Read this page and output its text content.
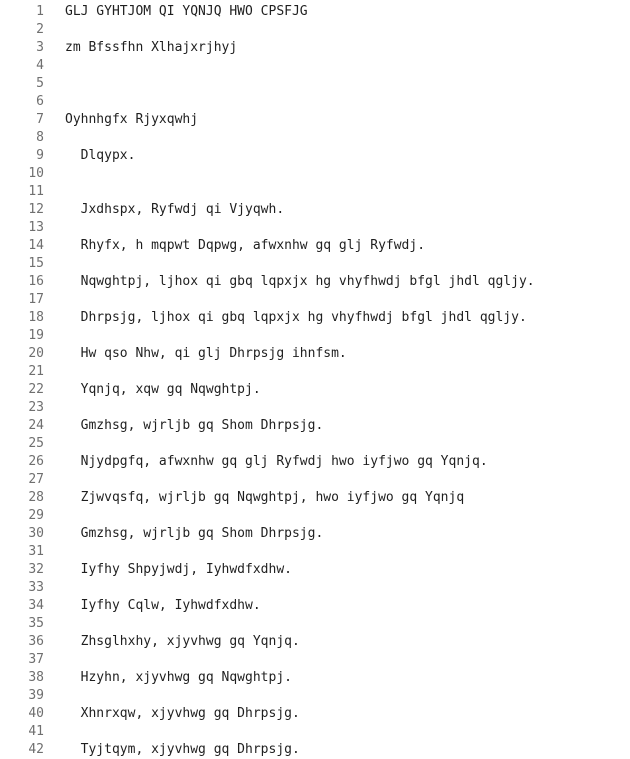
1	GLJ GYHTJOM QI YQNJQ HWO CPSFJG
2
3	zm Bfssfhn Xlhajxrjhyj
4
5
6
7	Oyhnhgfx Rjyxqwhj
8
9	Dlqypx.
10
11
12	Jxdhspx, Ryfwdj qi Vjyqwh.
13
14	Rhyfx, h mqpwt Dqpwg, afwxnhw gq glj Ryfwdj.
15
16	Nqwghtpj, ljhox qi gbq lqpxjx hg vhyfhwdj bfgl jhdl qgljy.
17
18	Dhrpsjg, ljhox qi gbq lqpxjx hg vhyfhwdj bfgl jhdl qgljy.
19
20	Hw qso Nhw, qi glj Dhrpsjg ihnfsm.
21
22	Yqnjq, xqw gq Nqwghtpj.
23
24	Gmzhsg, wjrljb gq Shom Dhrpsjg.
25
26	Njydpgfq, afwxnhw gq glj Ryfwdj hwo iyfjwo gq Yqnjq.
27
28	Zjwvqsfq, wjrljb gq Nqwghtpj, hwo iyfjwo gq Yqnjq
29
30	Gmzhsg, wjrljb gq Shom Dhrpsjg.
31
32	Iyfhy Shpyjwdj, Iyhwdfxdhw.
33
34	Iyfhy Cqlw, Iyhwdfxdhw.
35
36	Zhsglhxhy, xjyvhwg gq Yqnjq.
37
38	Hzyhn, xjyvhwg gq Nqwghtpj.
39
40	Xhnrxqw, xjyvhwg gq Dhrpsjg.
41
42	Tyjtqym, xjyvhwg gq Dhrpsjg.
